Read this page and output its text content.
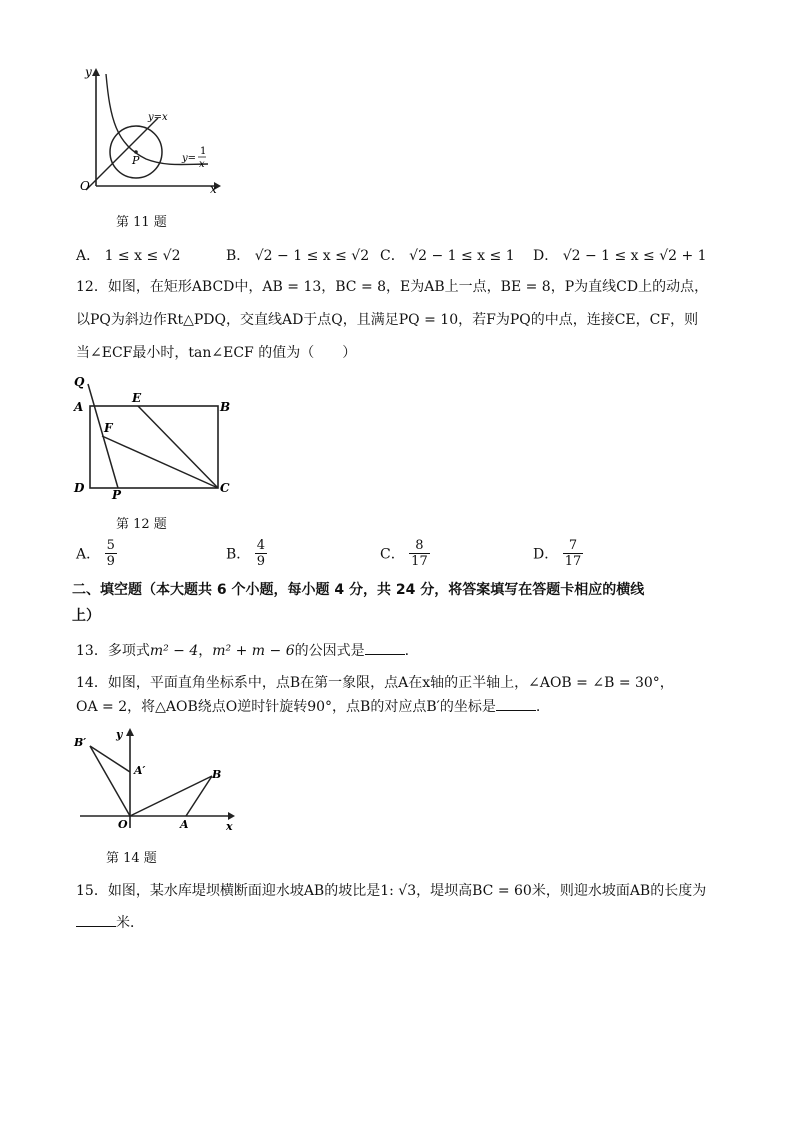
y
x
O
P
y=x
y=
1
x
第 11 题
A． 1 ≤ x ≤ √2	B． √2 − 1 ≤ x ≤ √2 C． √2 − 1 ≤ x ≤ 1 D． √2 − 1 ≤ x ≤ √2 + 1
12．如图，在矩形ABCD中，AB = 13，BC = 8，E为AB上一点，BE = 8，P为直线CD上的动点，
以PQ为斜边作Rt△PDQ，交直线AD于点Q，且满足PQ = 10，若F为PQ的中点，连接CE，CF，则
当∠ECF最小时，tan∠ECF 的值为（　　）
Q
A
E
B
F
D P	C
第 12 题
A． $\frac{5}{9}$	B． $\frac{4}{9}$	C． $\frac{8}{17}$	D． $\frac{7}{17}$
二、填空题（本大题共 6 个小题，每小题 4 分，共 24 分，将答案填写在答题卡相应的横线
上）
13．多项式m² − 4，m² + m − 6的公因式是	.
14．如图，平面直角坐标系中，点B在第一象限，点A在x轴的正半轴上，∠AOB = ∠B = 30°，
OA = 2，将△AOB绕点O逆时针旋转90°，点B的对应点B′的坐标是	.
B′
A′	B
O	A	x
y
第 14 题
15．如图，某水库堤坝横断面迎水坡AB的坡比是1: √3，堤坝高BC = 60米，则迎水坡面AB的长度为
米．
